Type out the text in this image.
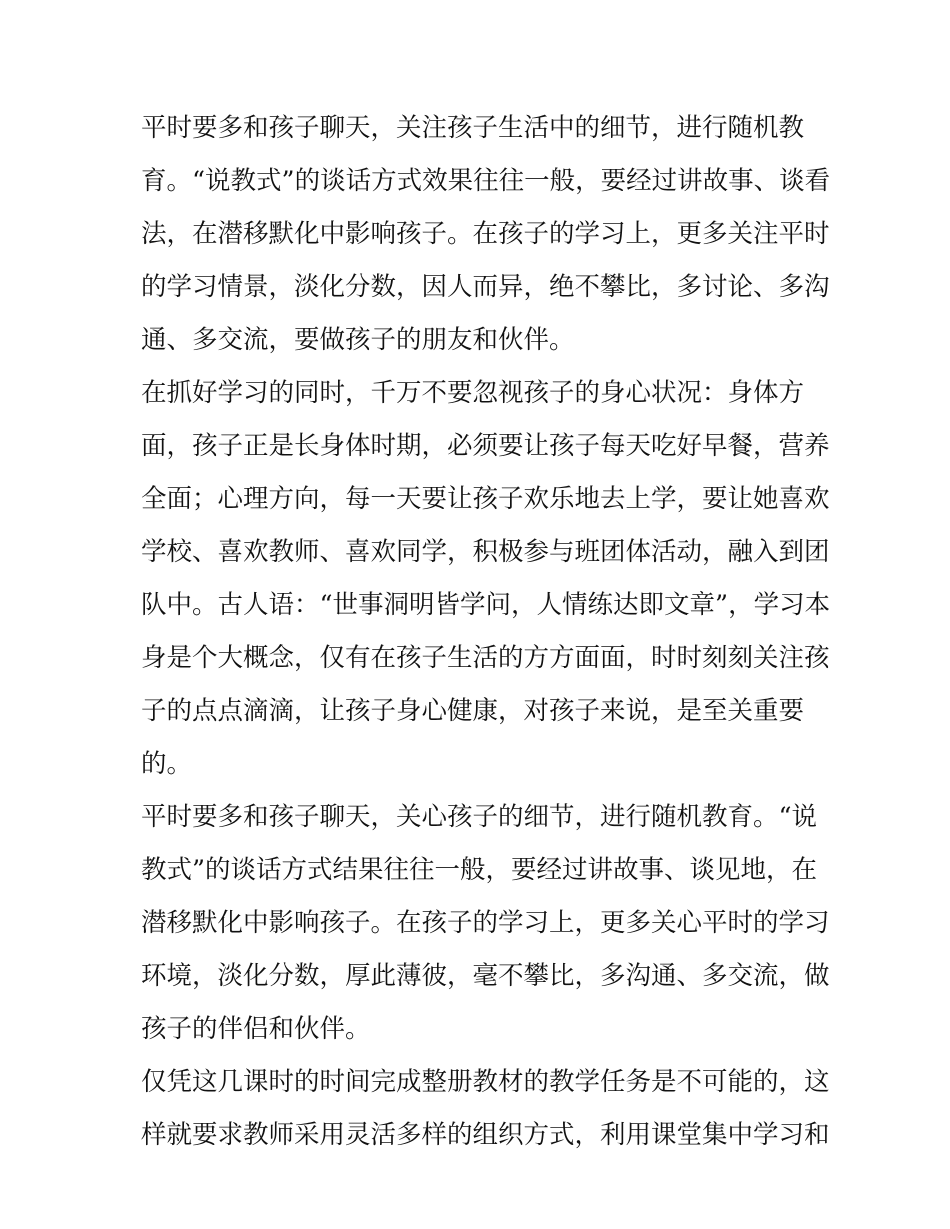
平时要多和孩子聊天，关注孩子生活中的细节，进行随机教
育。“说教式”的谈话方式效果往往一般，要经过讲故事、谈看
法，在潜移默化中影响孩子。在孩子的学习上，更多关注平时
的学习情景，淡化分数，因人而异，绝不攀比，多讨论、多沟
通、多交流，要做孩子的朋友和伙伴。
在抓好学习的同时，千万不要忽视孩子的身心状况：身体方
面，孩子正是长身体时期，必须要让孩子每天吃好早餐，营养
全面；心理方向，每一天要让孩子欢乐地去上学，要让她喜欢
学校、喜欢教师、喜欢同学，积极参与班团体活动，融入到团
队中。古人语：“世事洞明皆学问，人情练达即文章”，学习本
身是个大概念，仅有在孩子生活的方方面面，时时刻刻关注孩
子的点点滴滴，让孩子身心健康，对孩子来说，是至关重要
的。
平时要多和孩子聊天，关心孩子的细节，进行随机教育。“说
教式”的谈话方式结果往往一般，要经过讲故事、谈见地，在
潜移默化中影响孩子。在孩子的学习上，更多关心平时的学习
环境，淡化分数，厚此薄彼，毫不攀比，多沟通、多交流，做
孩子的伴侣和伙伴。
仅凭这几课时的时间完成整册教材的教学任务是不可能的，这
样就要求教师采用灵活多样的组织方式，利用课堂集中学习和
